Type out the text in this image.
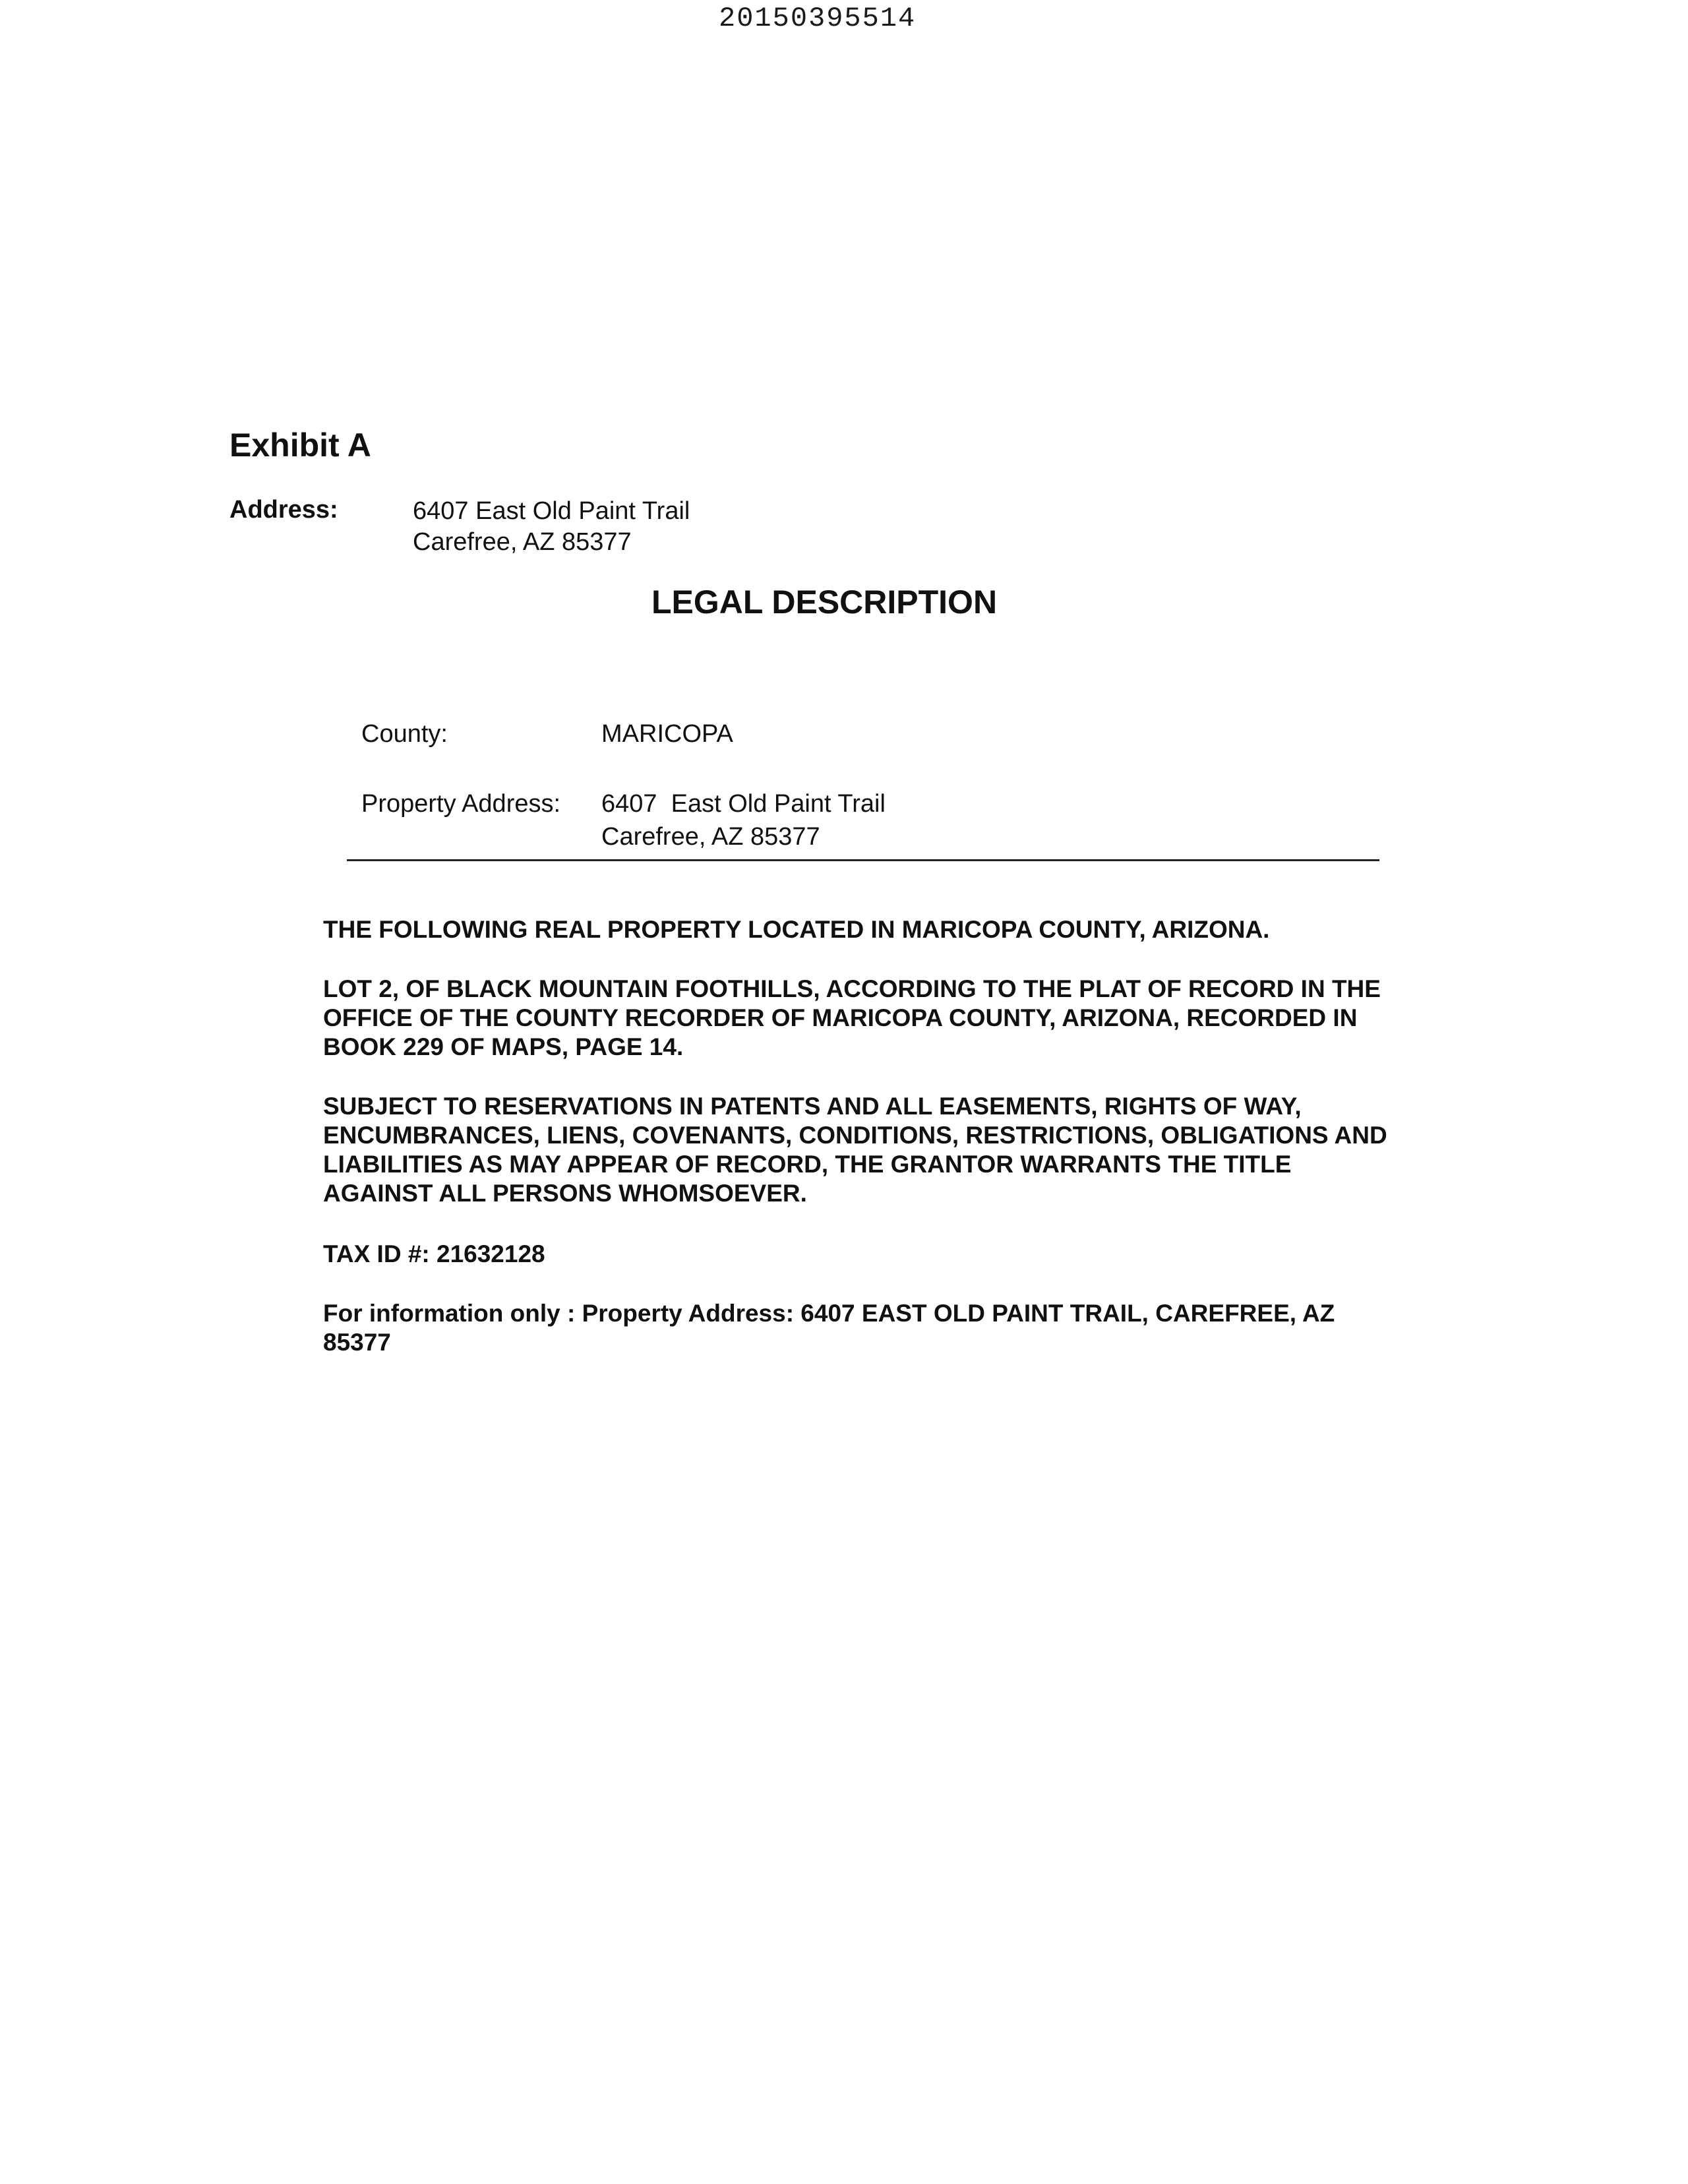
20150395514
Exhibit A
Address:	6407 East Old Paint Trail
Carefree, AZ 85377
LEGAL DESCRIPTION
County:	MARICOPA
Property Address: 6407  East Old Paint Trail
Carefree, AZ 85377
THE FOLLOWING REAL PROPERTY LOCATED IN MARICOPA COUNTY, ARIZONA.
LOT 2, OF BLACK MOUNTAIN FOOTHILLS, ACCORDING TO THE PLAT OF RECORD IN THE OFFICE OF THE COUNTY RECORDER OF MARICOPA COUNTY, ARIZONA, RECORDED IN BOOK 229 OF MAPS, PAGE 14.
SUBJECT TO RESERVATIONS IN PATENTS AND ALL EASEMENTS, RIGHTS OF WAY, ENCUMBRANCES, LIENS, COVENANTS, CONDITIONS, RESTRICTIONS, OBLIGATIONS AND LIABILITIES AS MAY APPEAR OF RECORD, THE GRANTOR WARRANTS THE TITLE AGAINST ALL PERSONS WHOMSOEVER.
TAX ID #: 21632128
For information only : Property Address: 6407 EAST OLD PAINT TRAIL, CAREFREE, AZ 85377
